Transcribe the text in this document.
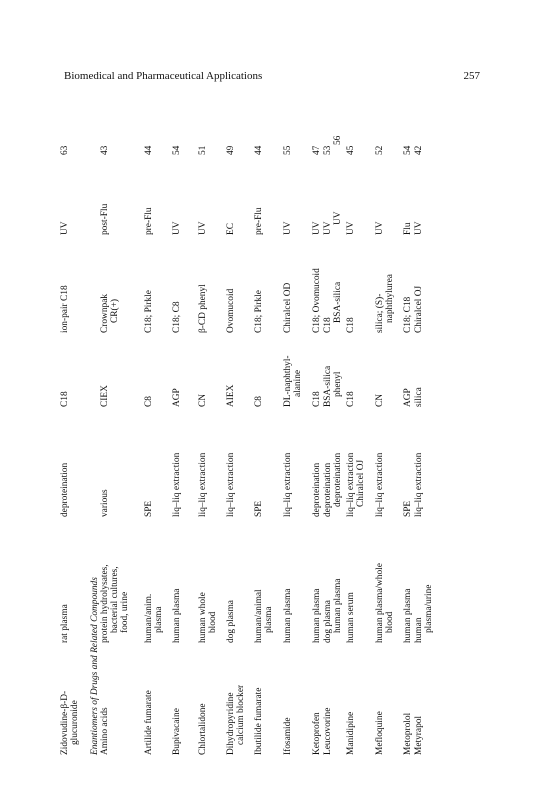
Biomedical and Pharmaceutical Applications	257
Zidovudine-β-D- glucuronide
rat plasma
deproteination
C18
ion-pair C18
UV
63
Enantiomers of Drugs and Related Compounds Amino acids
protein hydrolysates, bacterial cultures, food, urine
various
CIEX
Crownpak CR(+)
post-Flu
43
Artilide fumarate
human/anim. plasma
SPE
C8
C18; Pirkle
pre-Flu
44
Bupivacaine
human plasma
liq–liq extraction
AGP
C18; C8
UV
54
Chlortalidone
human whole blood
liq–liq extraction
CN
β-CD phenyl
UV
51
Dihydropyridine calcium blocker
dog plasma
liq–liq extraction
AIEX
Ovomucoid
EC
49
Ibutilide fumarate
human/animal plasma
SPE
C8
C18; Pirkle
pre-Flu
44
Ifosamide
human plasma
liq–liq extraction
DL-naphthyl- alanine
Chiralcel OD
UV
55
Ketoprofen
human plasma
deproteination
C18
C18; Ovomucoid
UV
47
Leucovorine
dog plasma human plasma
deproteination deproteination
BSA-silica phenyl
C18
BSA-silica
UV
UV
53
56
Manidipine
human serum
liq–liq extraction Chiralcel OJ
C18
C18
UV
45
Mefloquine
human plasma/whole blood
liq–liq extraction
CN
silica; (S)- naphthylurea
UV
52
Metoprolol
human plasma
SPE
AGP
C18; C18
Flu
54
Metyrapol
human plasma/urine
liq–liq extraction
silica
Chiralcel OJ
UV
42
